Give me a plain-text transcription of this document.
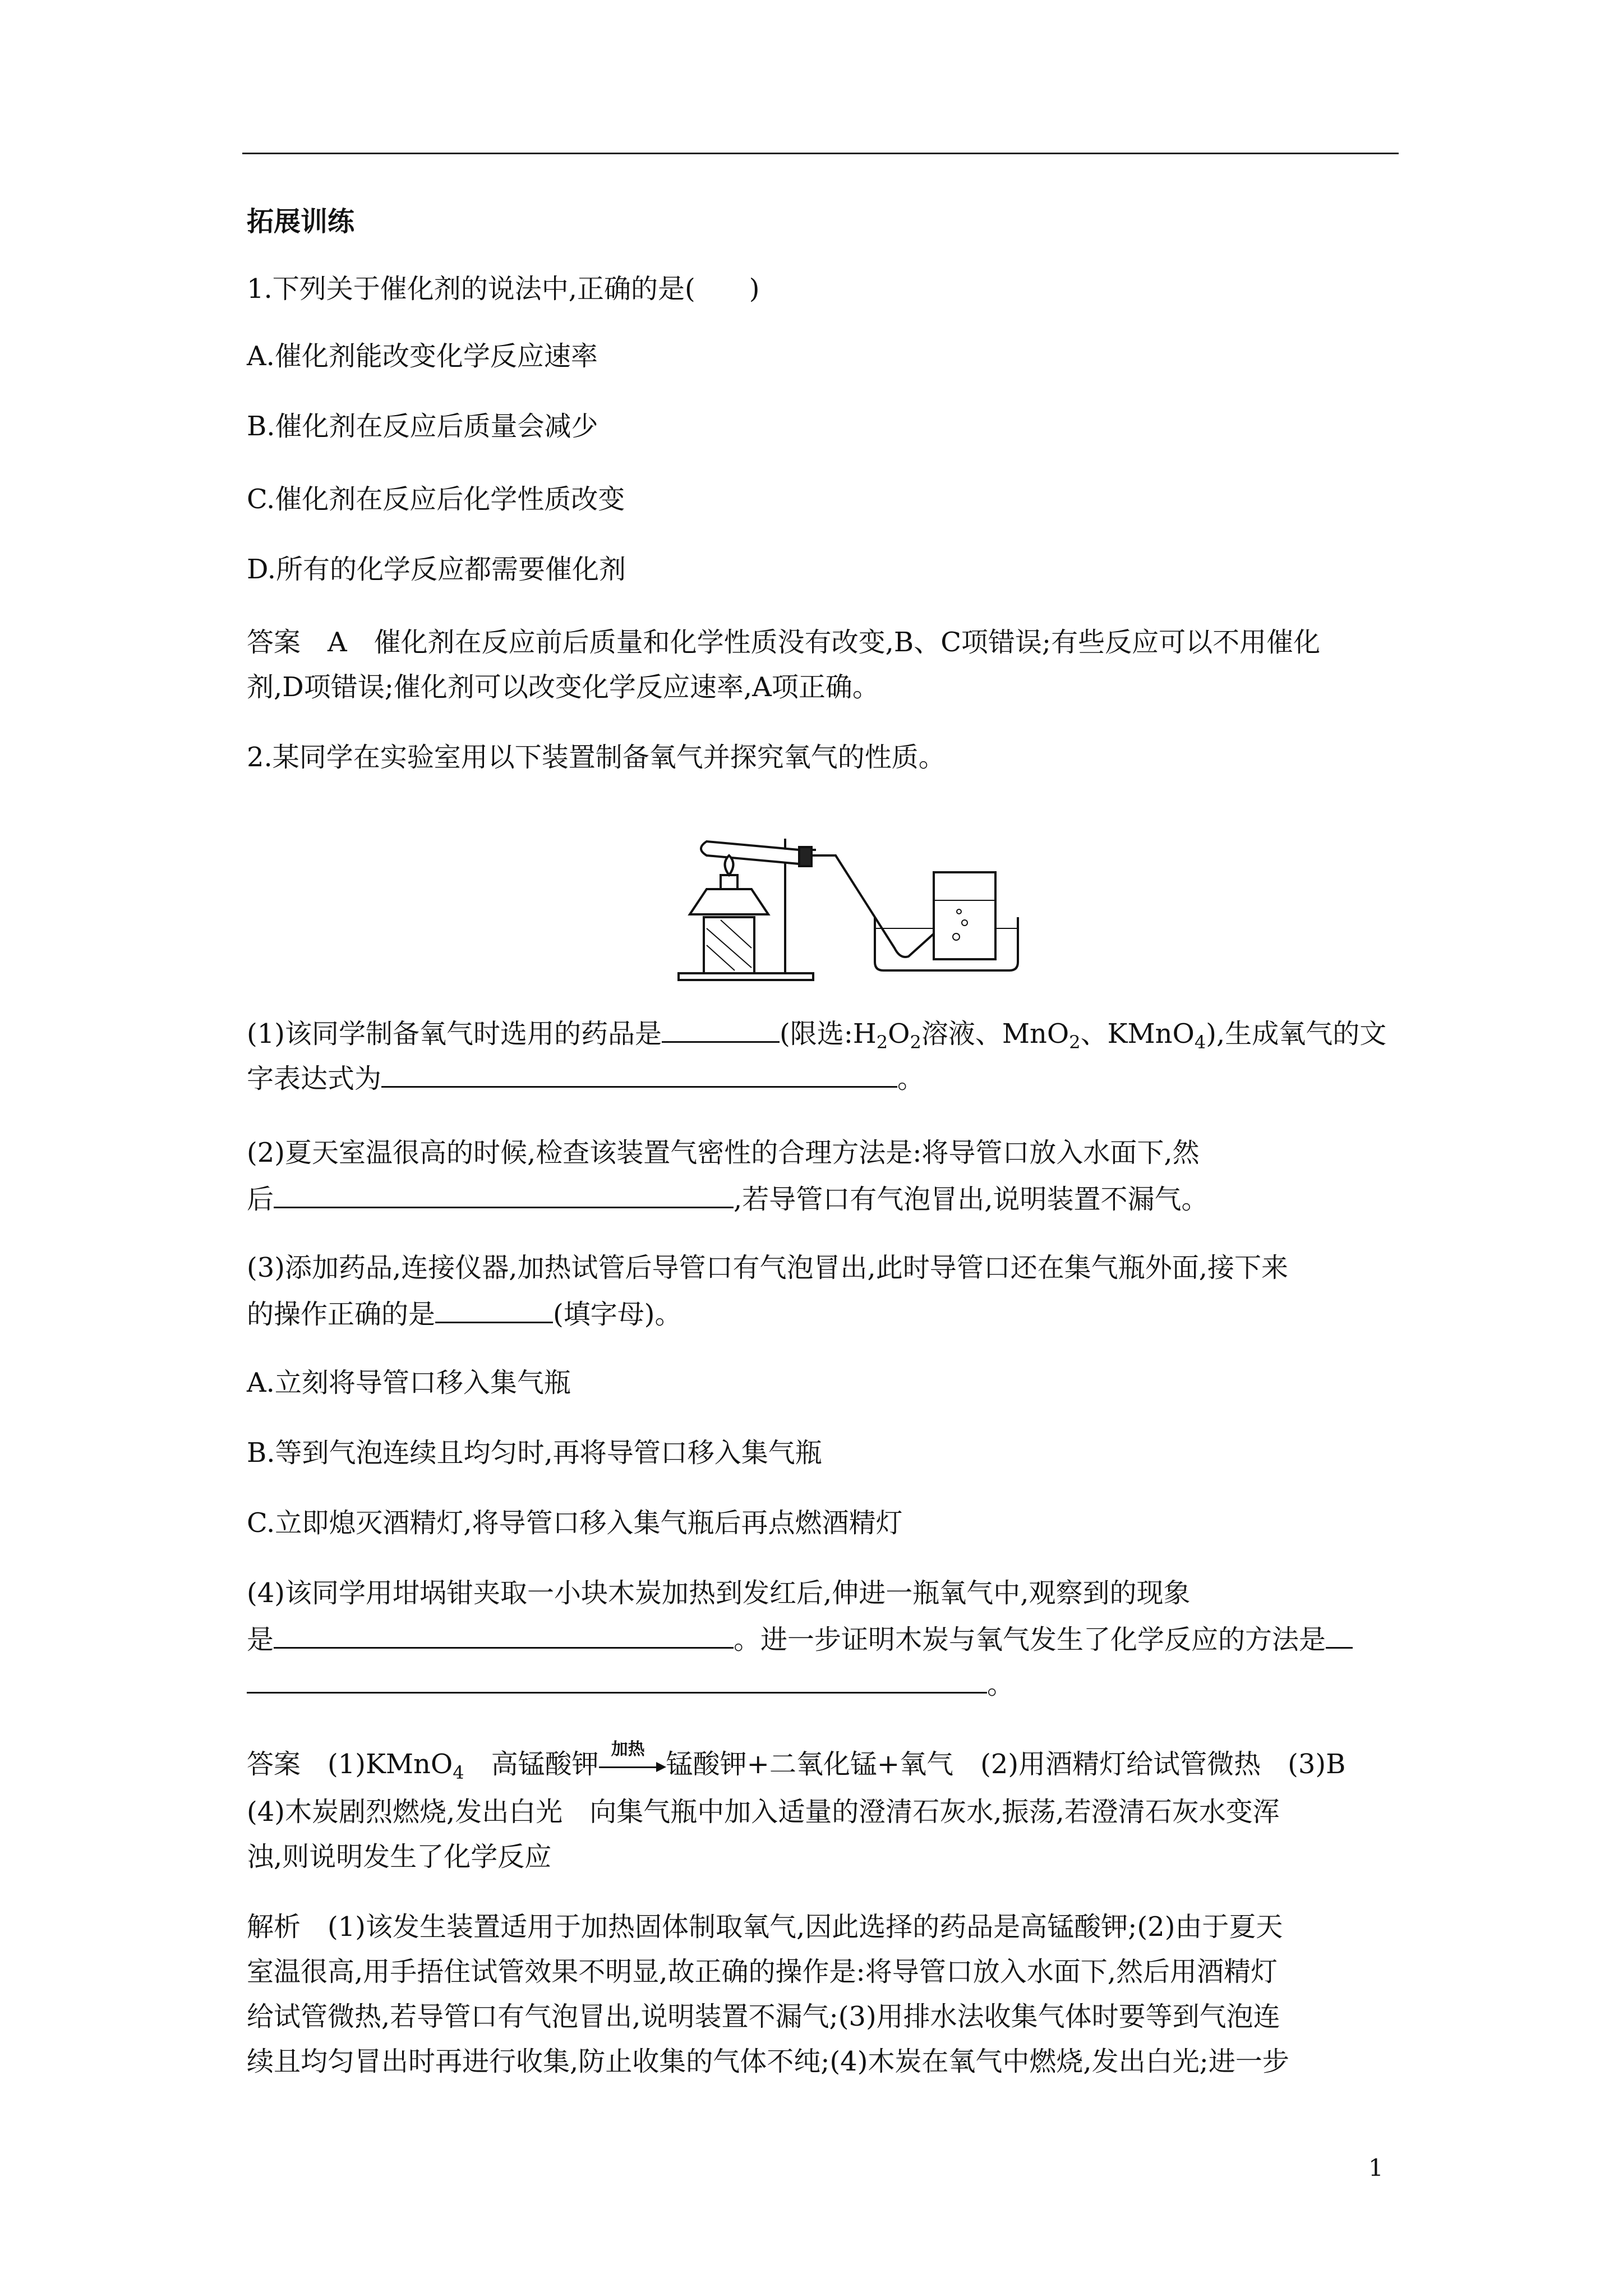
拓展训练
1.下列关于催化剂的说法中,正确的是(　　)
A.催化剂能改变化学反应速率
B.催化剂在反应后质量会减少
C.催化剂在反应后化学性质改变
D.所有的化学反应都需要催化剂
答案　A　催化剂在反应前后质量和化学性质没有改变,B、C项错误;有些反应可以不用催化
剂,D项错误;催化剂可以改变化学反应速率,A项正确。
2.某同学在实验室用以下装置制备氧气并探究氧气的性质。
(1)该同学制备氧气时选用的药品是	(限选$:H_2O_2$溶液、MnO$_2$、KMnO$_4$),生成氧气的文
字表达式为	。
(2)夏天室温很高的时候,检查该装置气密性的合理方法是:将导管口放入水面下,然
后	,若导管口有气泡冒出,说明装置不漏气。
(3)添加药品,连接仪器,加热试管后导管口有气泡冒出,此时导管口还在集气瓶外面,接下来
的操作正确的是	(填字母)。
A.立刻将导管口移入集气瓶
B.等到气泡连续且均匀时,再将导管口移入集气瓶
C.立即熄灭酒精灯,将导管口移入集气瓶后再点燃酒精灯
(4)该同学用坩埚钳夹取一小块木炭加热到发红后,伸进一瓶氧气中,观察到的现象
是	。进一步证明木炭与氧气发生了化学反应的方法是
。
答案　(1)KMnO$_4$　高锰酸钾 加热 锰酸钾+二氧化锰+氧气　(2)用酒精灯给试管微热　(3)B
(4)木炭剧烈燃烧,发出白光　向集气瓶中加入适量的澄清石灰水,振荡,若澄清石灰水变浑
浊,则说明发生了化学反应
解析　(1)该发生装置适用于加热固体制取氧气,因此选择的药品是高锰酸钾;(2)由于夏天
室温很高,用手捂住试管效果不明显,故正确的操作是:将导管口放入水面下,然后用酒精灯
给试管微热,若导管口有气泡冒出,说明装置不漏气;(3)用排水法收集气体时要等到气泡连
续且均匀冒出时再进行收集,防止收集的气体不纯;(4)木炭在氧气中燃烧,发出白光;进一步
1
